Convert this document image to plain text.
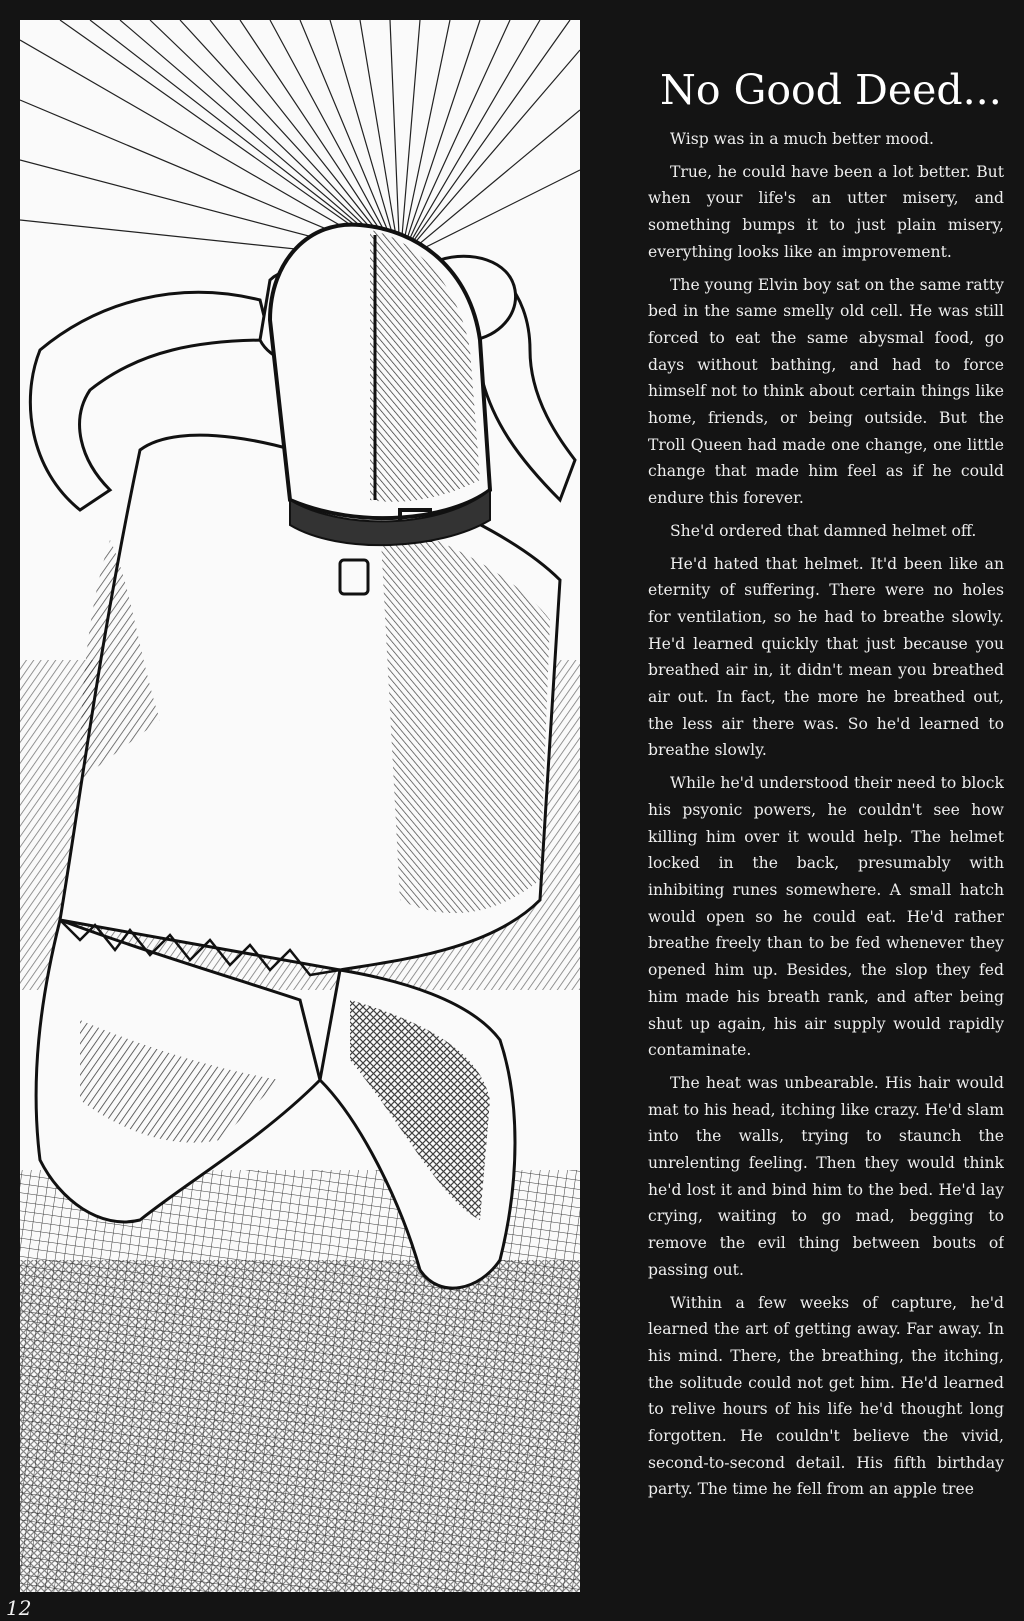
12

No Good Deed...

Wisp was in a much better mood.

True, he could have been a lot better. But when your life's an utter misery, and something bumps it to just plain misery, everything looks like an improvement.

The young Elvin boy sat on the same ratty bed in the same smelly old cell. He was still forced to eat the same abysmal food, go days without bathing, and had to force himself not to think about certain things like home, friends, or being outside. But the Troll Queen had made one change, one little change that made him feel as if he could endure this forever.

She'd ordered that damned helmet off.

He'd hated that helmet. It'd been like an eternity of suffering. There were no holes for ventilation, so he had to breathe slowly. He'd learned quickly that just because you breathed air in, it didn't mean you breathed air out. In fact, the more he breathed out, the less air there was. So he'd learned to breathe slowly.

While he'd understood their need to block his psyonic powers, he couldn't see how killing him over it would help. The helmet locked in the back, presumably with inhibiting runes somewhere. A small hatch would open so he could eat. He'd rather breathe freely than to be fed whenever they opened him up. Besides, the slop they fed him made his breath rank, and after being shut up again, his air supply would rapidly contaminate.

The heat was unbearable. His hair would mat to his head, itching like crazy. He'd slam into the walls, trying to staunch the unrelenting feeling. Then they would think he'd lost it and bind him to the bed. He'd lay crying, waiting to go mad, begging to remove the evil thing between bouts of passing out.

Within a few weeks of capture, he'd learned the art of getting away. Far away. In his mind. There, the breathing, the itching, the solitude could not get him. He'd learned to relive hours of his life he'd thought long forgotten. He couldn't believe the vivid, second-to-second detail. His fifth birthday party. The time he fell from an apple tree
